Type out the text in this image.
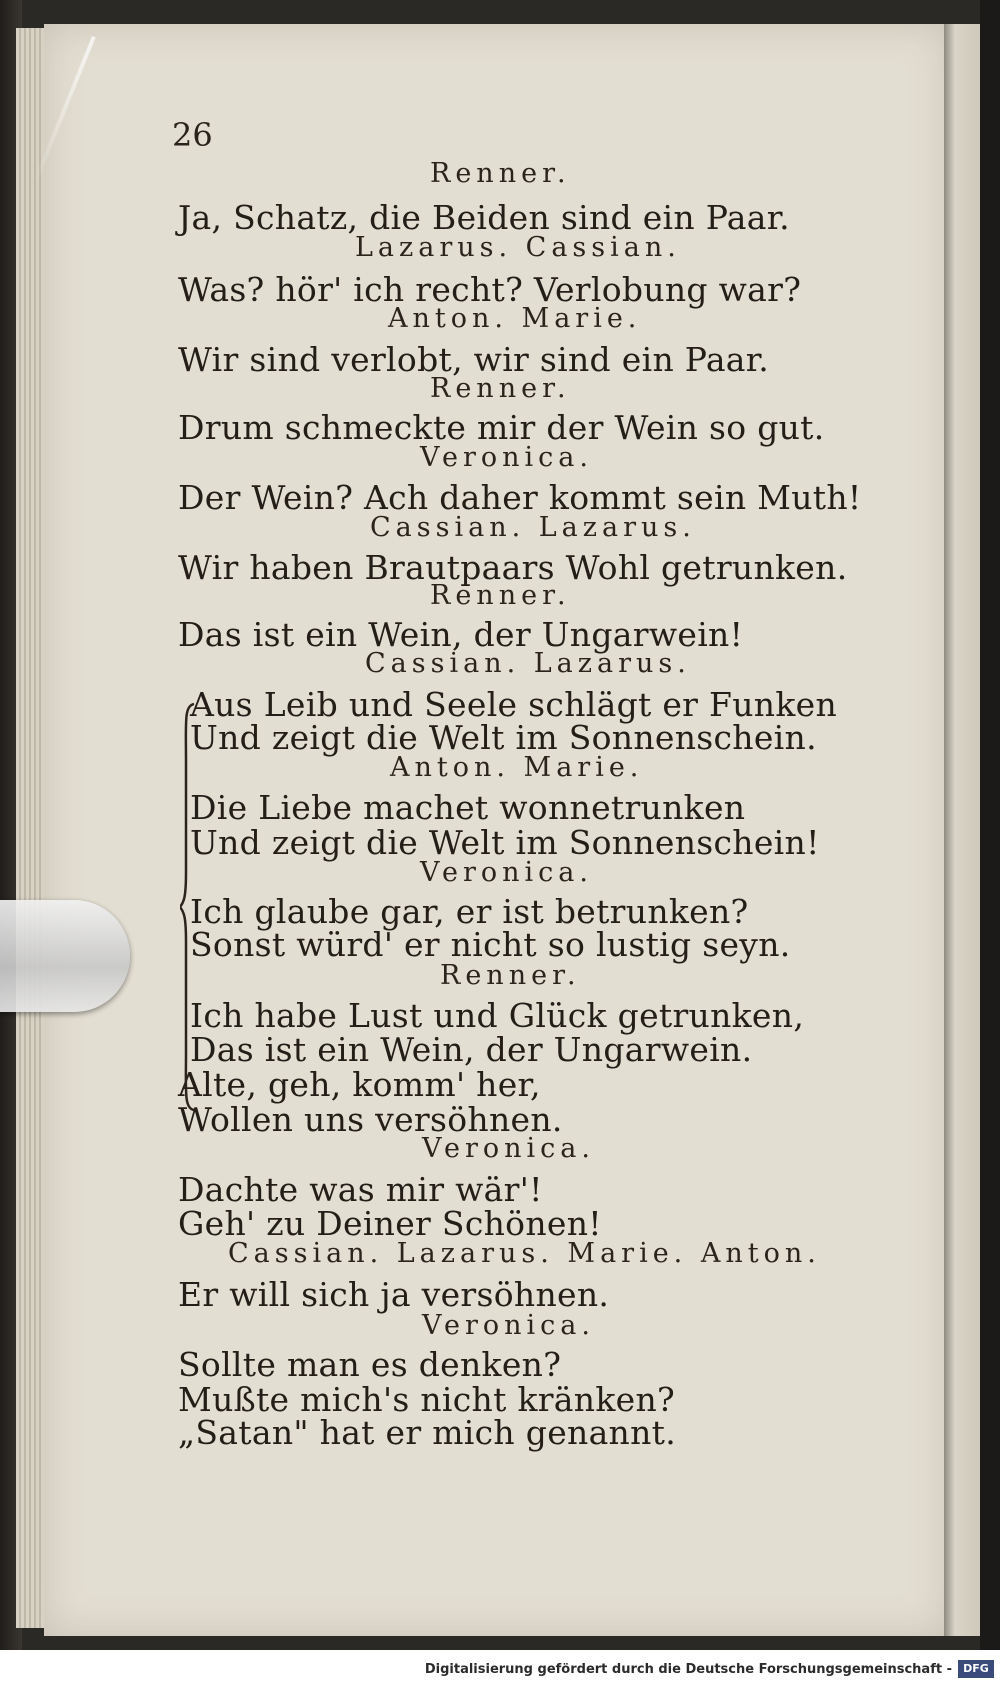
26
Renner.
Ja, Schatz, die Beiden sind ein Paar.
Lazarus. Cassian.
Was? hör' ich recht? Verlobung war?
Anton. Marie.
Wir sind verlobt, wir sind ein Paar.
Renner.
Drum schmeckte mir der Wein so gut.
Veronica.
Der Wein? Ach daher kommt sein Muth!
Cassian. Lazarus.
Wir haben Brautpaars Wohl getrunken.
Renner.
Das ist ein Wein, der Ungarwein!
Cassian. Lazarus.
Aus Leib und Seele schlägt er Funken
Und zeigt die Welt im Sonnenschein.
Anton. Marie.
Die Liebe machet wonnetrunken
Und zeigt die Welt im Sonnenschein!
Veronica.
Ich glaube gar, er ist betrunken?
Sonst würd' er nicht so lustig seyn.
Renner.
Ich habe Lust und Glück getrunken,
Das ist ein Wein, der Ungarwein.
Alte, geh, komm' her,
Wollen uns versöhnen.
Veronica.
Dachte was mir wär'!
Geh' zu Deiner Schönen!
Cassian. Lazarus. Marie. Anton.
Er will sich ja versöhnen.
Veronica.
Sollte man es denken?
Mußte mich's nicht kränken?
„Satan" hat er mich genannt.
Digitalisierung gefördert durch die Deutsche Forschungsgemeinschaft -	DFG
